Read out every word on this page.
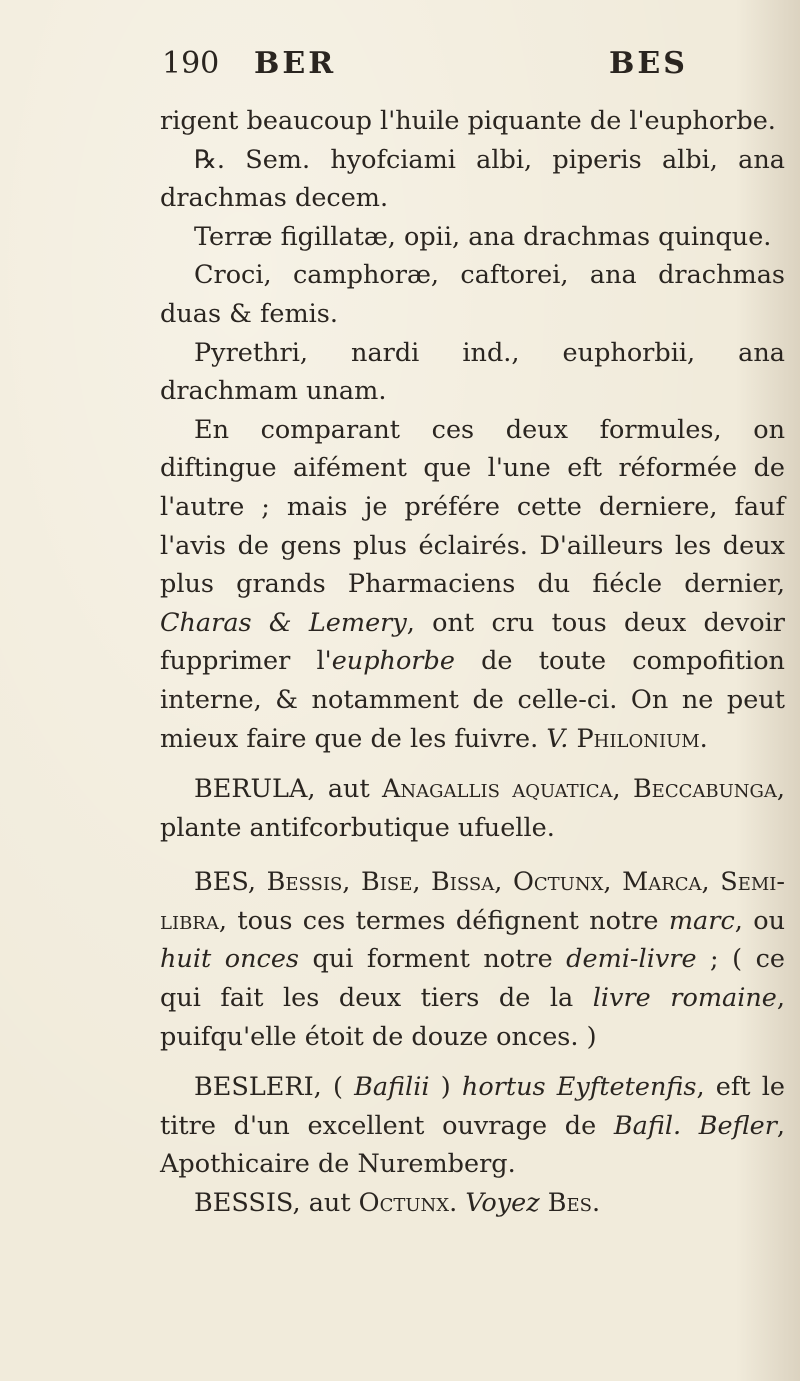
190 BER	BES

rigent beaucoup l'huile piquante de l'euphorbe.

℞. Sem. hyofciami albi, piperis albi, ana drachmas decem.

Terræ figillatæ, opii, ana drachmas quinque.

Croci, camphoræ, caftorei, ana drachmas duas & femis.

Pyrethri, nardi ind., euphorbii, ana drachmam unam.

En comparant ces deux formules, on diftingue aifément que l'une eft réformée de l'autre ; mais je préfére cette derniere, fauf l'avis de gens plus éclairés. D'ailleurs les deux plus grands Pharmaciens du fiécle dernier, Charas & Lemery, ont cru tous deux devoir fupprimer l'euphorbe de toute compofition interne, & notamment de celle-ci. On ne peut mieux faire que de les fuivre. V. Philonium.

BERULA, aut Anagallis aquatica, Beccabunga, plante antifcorbutique ufuelle.

BES, Bessis, Bise, Bissa, Octunx, Marca, Semi-libra, tous ces termes défignent notre marc, ou huit onces qui forment notre demi-livre ; ( ce qui fait les deux tiers de la livre romaine, puifqu'elle étoit de douze onces. )

BESLERI, ( Bafilii ) hortus Eyftetenfis, eft le titre d'un excellent ouvrage de Bafil. Befler, Apothicaire de Nuremberg.

BESSIS, aut Octunx. Voyez Bes.
